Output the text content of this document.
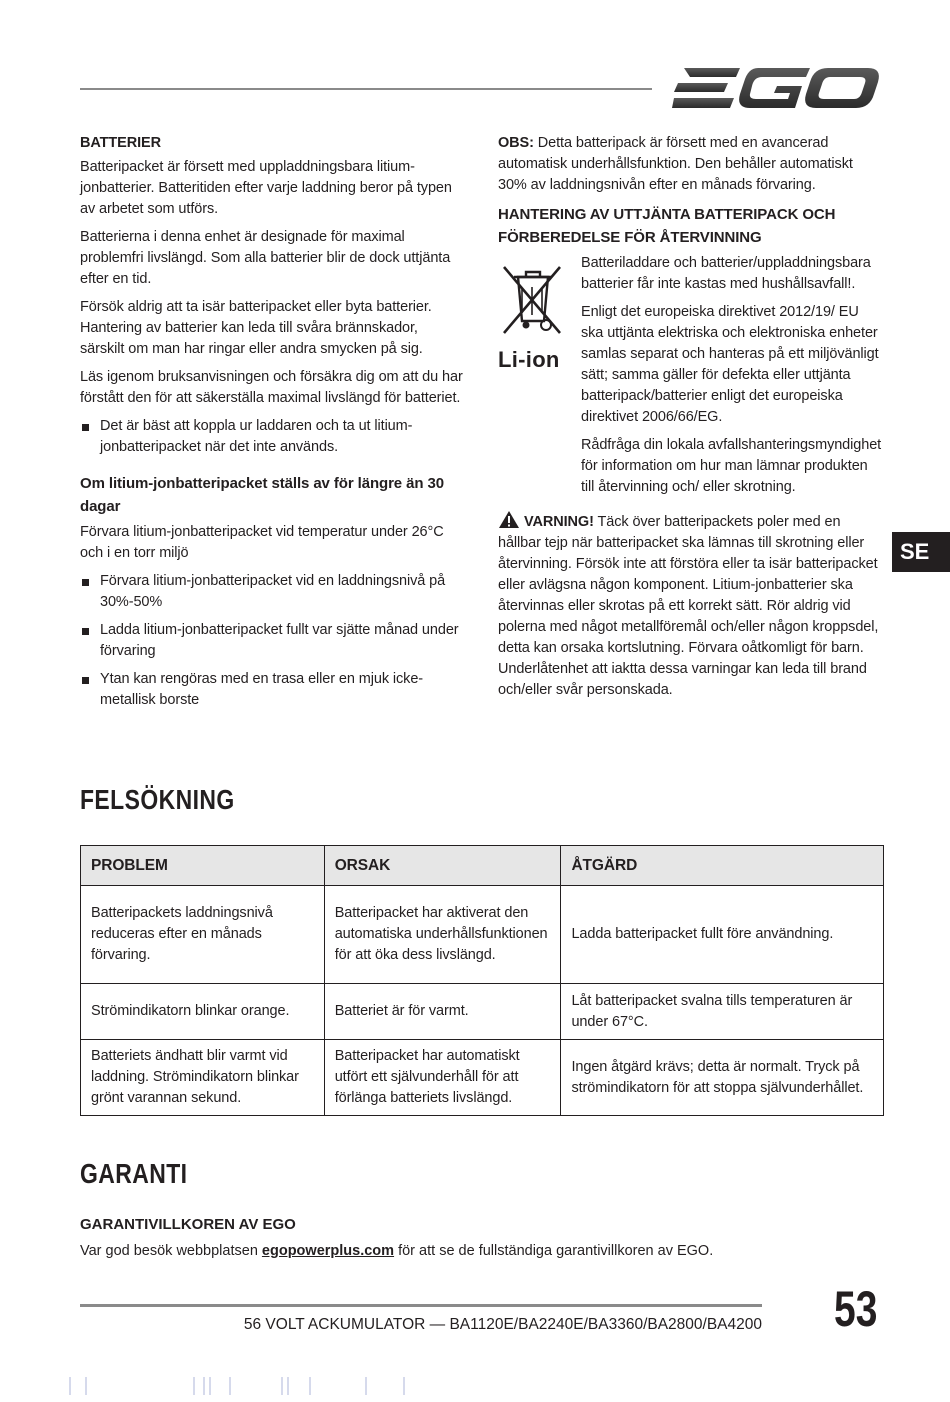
BATTERIER

Batteripacket är försett med uppladdningsbara litium-jonbatterier. Batteritiden efter varje laddning beror på typen av arbetet som utförs.

Batterierna i denna enhet är designade för maximal problemfri livslängd. Som alla batterier blir de dock uttjänta efter en tid.

Försök aldrig att ta isär batteripacket eller byta batterier. Hantering av batterier kan leda till svåra brännskador, särskilt om man har ringar eller andra smycken på sig.

Läs igenom bruksanvisningen och försäkra dig om att du har förstått den för att säkerställa maximal livslängd för batteriet.

Det är bäst att koppla ur laddaren och ta ut litium-jonbatteripacket när det inte används.
Om litium-jonbatteripacket ställs av för längre än 30 dagar

Förvara litium-jonbatteripacket vid temperatur under 26°C och i en torr miljö

Förvara litium-jonbatteripacket vid en laddningsnivå på 30%-50%
Ladda litium-jonbatteripacket fullt var sjätte månad under förvaring
Ytan kan rengöras med en trasa eller en mjuk icke-metallisk borste

OBS: Detta batteripack är försett med en avancerad automatisk underhållsfunktion. Den behåller automatiskt 30% av laddningsnivån efter en månads förvaring.

HANTERING AV UTTJÄNTA BATTERIPACK OCH FÖRBEREDELSE FÖR ÅTERVINNING
Li-ion

Batteriladdare och batterier/uppladdningsbara batterier får inte kastas med hushållsavfall!.

Enligt det europeiska direktivet 2012/19/ EU ska uttjänta elektriska och elektroniska enheter samlas separat och hanteras på ett miljövänligt sätt; samma gäller för defekta eller uttjänta batteripack/batterier enligt det europeiska direktivet 2006/66/EG.

Rådfråga din lokala avfallshanteringsmyndighet för information om hur man lämnar produkten till återvinning och/ eller skrotning.

VARNING! Täck över batteripackets poler med en hållbar tejp när batteripacket ska lämnas till skrotning eller återvinning. Försök inte att förstöra eller ta isär batteripacket eller avlägsna någon komponent. Litium-jonbatterier ska återvinnas eller skrotas på ett korrekt sätt. Rör aldrig vid polerna med något metallföremål och/eller någon kroppsdel, detta kan orsaka kortslutning. Förvara oåtkomligt för barn. Underlåtenhet att iaktta dessa varningar kan leda till brand och/eller svår personskada.

SE
FELSÖKNING
PROBLEM	ORSAK	ÅTGÄRD
Batteripackets laddningsnivå reduceras efter en månads förvaring.	Batteripacket har aktiverat den automatiska underhållsfunktionen för att öka dess livslängd.	Ladda batteripacket fullt före användning.
Strömindikatorn blinkar orange.	Batteriet är för varmt.	Låt batteripacket svalna tills temperaturen är under 67°C.
Batteriets ändhatt blir varmt vid laddning. Strömindikatorn blinkar grönt varannan sekund.	Batteripacket har automatiskt utfört ett självunderhåll för att förlänga batteriets livslängd.	Ingen åtgärd krävs; detta är normalt. Tryck på strömindikatorn för att stoppa självunderhållet.
GARANTI
GARANTIVILLKOREN AV EGO
Var god besök webbplatsen egopowerplus.com för att se de fullständiga garantivillkoren av EGO.
56 VOLT ACKUMULATOR — BA1120E/BA2240E/BA3360/BA2800/BA4200 53
